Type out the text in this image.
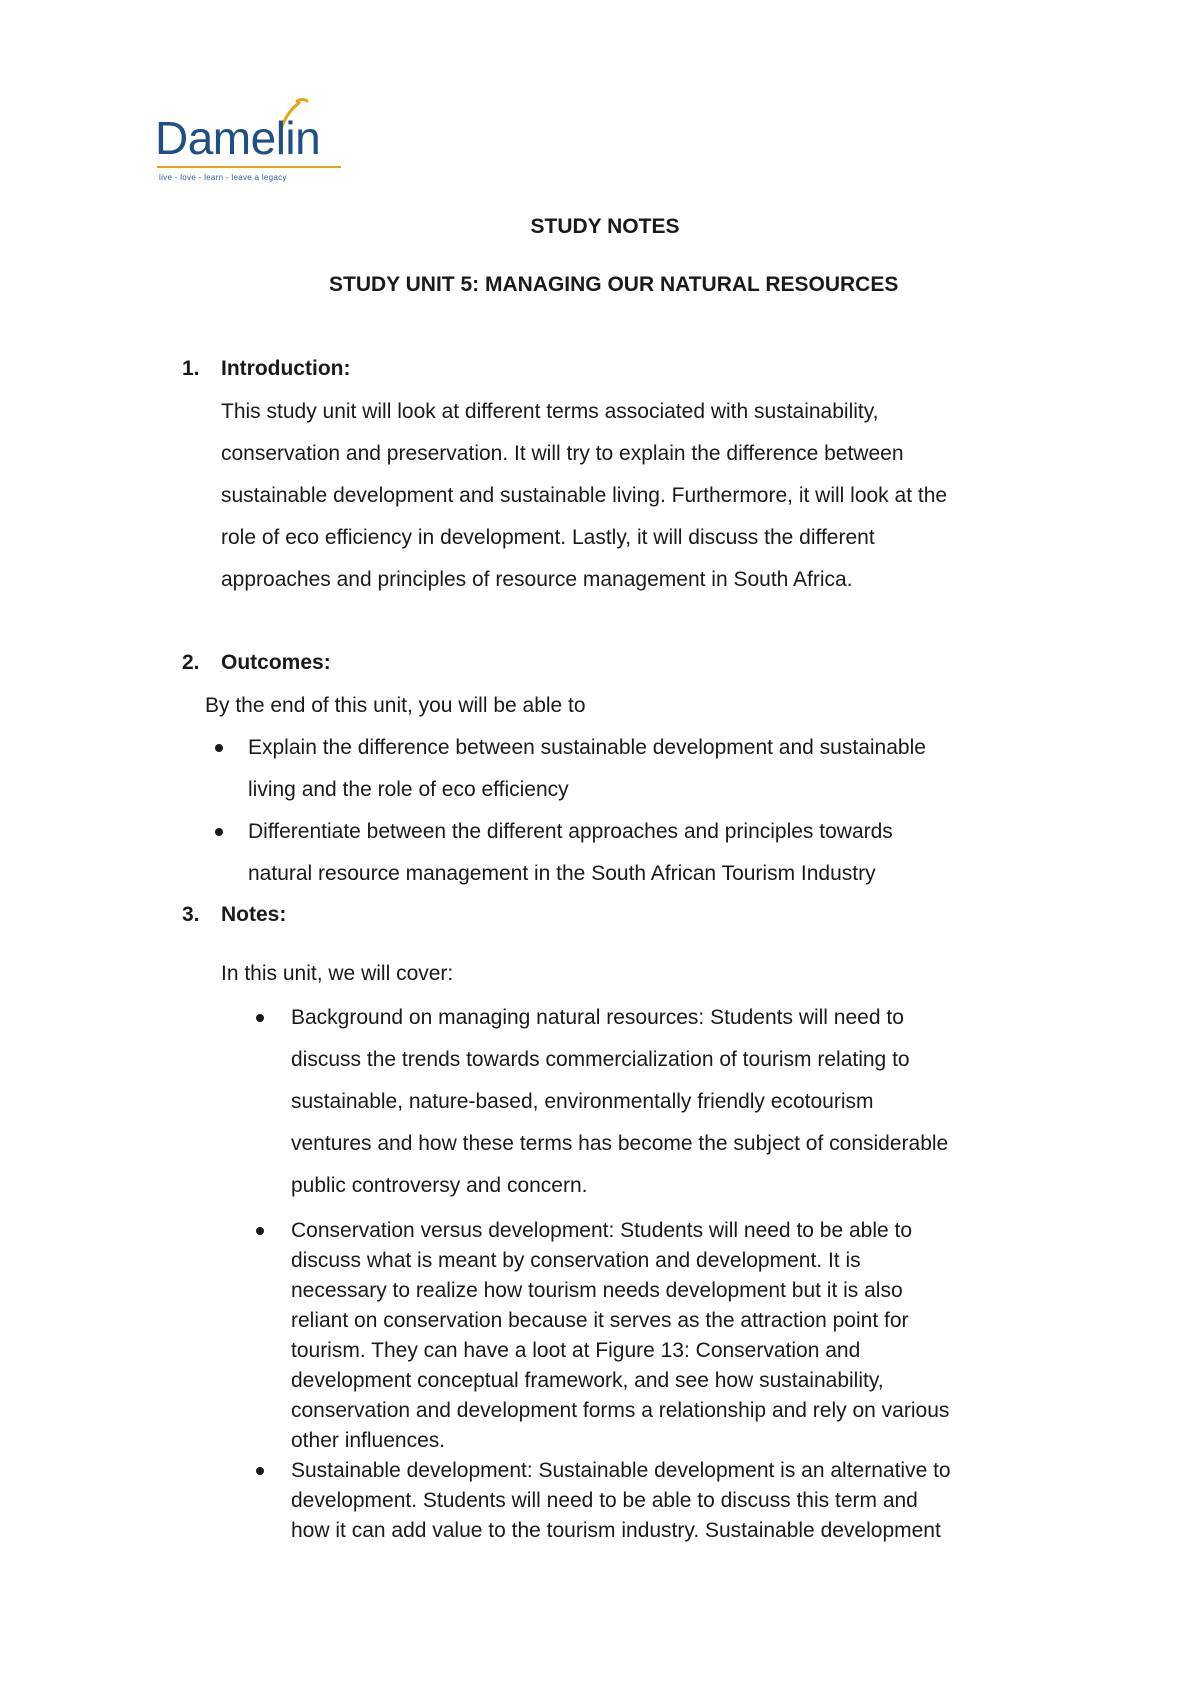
Damelin
live - love - learn - leave a legacy
STUDY NOTES
STUDY UNIT 5: MANAGING OUR NATURAL RESOURCES
1. Introduction:

This study unit will look at different terms associated with sustainability,

conservation and preservation. It will try to explain the difference between

sustainable development and sustainable living. Furthermore, it will look at the

role of eco efficiency in development. Lastly, it will discuss the different

approaches and principles of resource management in South Africa.

2. Outcomes:
By the end of this unit, you will be able to

Explain the difference between sustainable development and sustainable

living and the role of eco efficiency

Differentiate between the different approaches and principles towards

natural resource management in the South African Tourism Industry

3. Notes:
In this unit, we will cover:

Background on managing natural resources: Students will need to

discuss the trends towards commercialization of tourism relating to

sustainable, nature-based, environmentally friendly ecotourism

ventures and how these terms has become the subject of considerable

public controversy and concern.

Conservation versus development: Students will need to be able to

discuss what is meant by conservation and development. It is

necessary to realize how tourism needs development but it is also

reliant on conservation because it serves as the attraction point for

tourism. They can have a loot at Figure 13: Conservation and

development conceptual framework, and see how sustainability,

conservation and development forms a relationship and rely on various

other influences.

Sustainable development: Sustainable development is an alternative to

development. Students will need to be able to discuss this term and

how it can add value to the tourism industry. Sustainable development
